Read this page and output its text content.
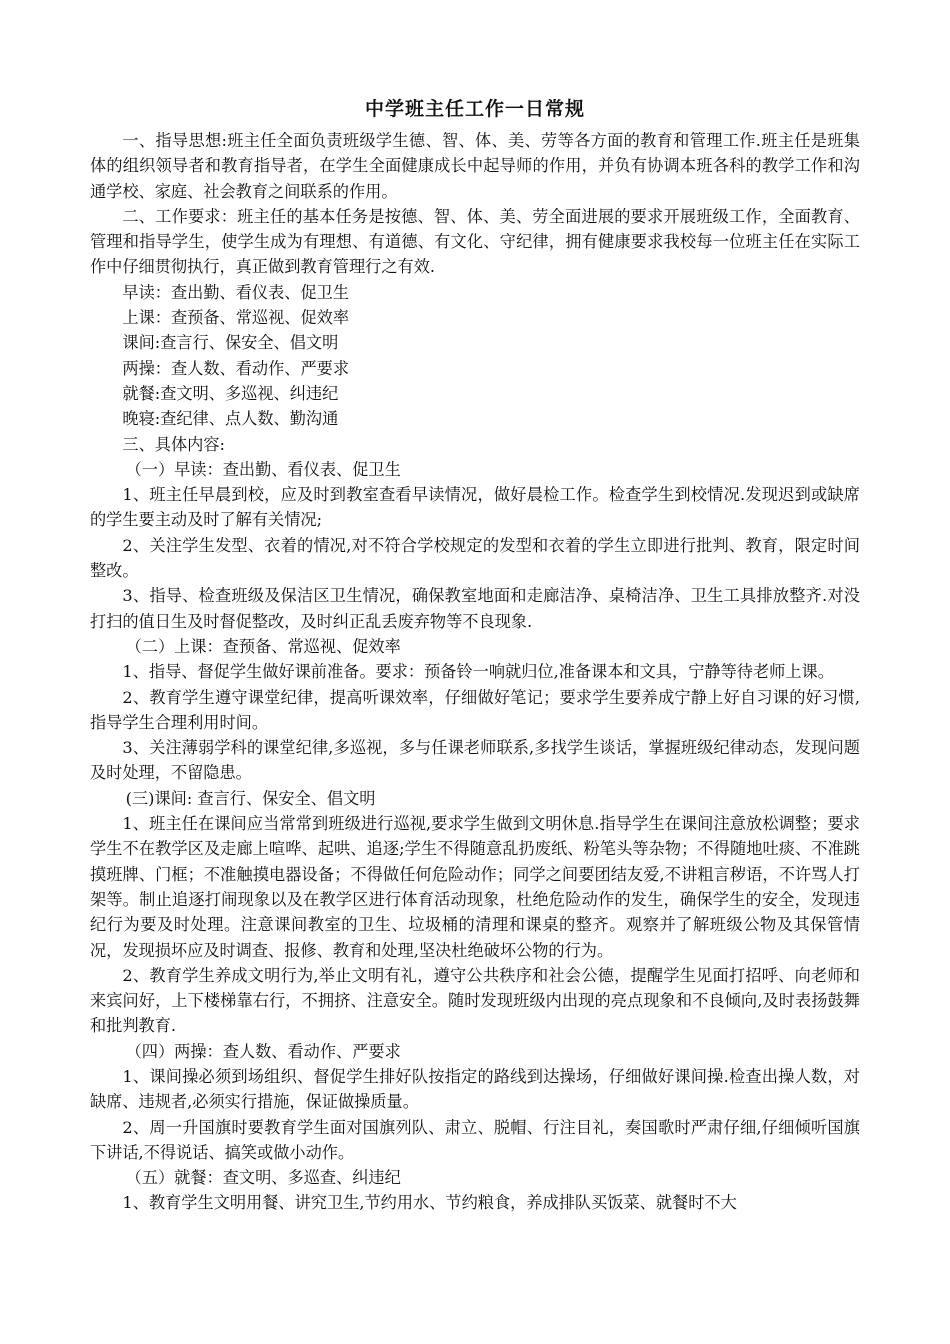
中学班主任工作一日常规

一、指导思想:班主任全面负责班级学生德、智、体、美、劳等各方面的教育和管理工作.班主任是班集体的组织领导者和教育指导者，在学生全面健康成长中起导师的作用，并负有协调本班各科的教学工作和沟通学校、家庭、社会教育之间联系的作用。

二、工作要求：班主任的基本任务是按德、智、体、美、劳全面进展的要求开展班级工作，全面教育、管理和指导学生，使学生成为有理想、有道德、有文化、守纪律，拥有健康要求我校每一位班主任在实际工作中仔细贯彻执行，真正做到教育管理行之有效.

早读：查出勤、看仪表、促卫生

上课：查预备、常巡视、促效率

课间:查言行、保安全、倡文明

两操：查人数、看动作、严要求

就餐:查文明、多巡视、纠违纪

晚寝:查纪律、点人数、勤沟通

三、具体内容:

（一）早读：查出勤、看仪表、促卫生

1、班主任早晨到校，应及时到教室查看早读情况，做好晨检工作。检查学生到校情况.发现迟到或缺席的学生要主动及时了解有关情况;

2、关注学生发型、衣着的情况,对不符合学校规定的发型和衣着的学生立即进行批判、教育，限定时间整改。

3、指导、检查班级及保洁区卫生情况，确保教室地面和走廊洁净、桌椅洁净、卫生工具排放整齐.对没打扫的值日生及时督促整改，及时纠正乱丢废弃物等不良现象.

（二）上课：查预备、常巡视、促效率

1、指导、督促学生做好课前准备。要求：预备铃一响就归位,准备课本和文具，宁静等待老师上课。

2、教育学生遵守课堂纪律，提高听课效率，仔细做好笔记；要求学生要养成宁静上好自习课的好习惯,指导学生合理利用时间。

3、关注薄弱学科的课堂纪律,多巡视，多与任课老师联系,多找学生谈话，掌握班级纪律动态，发现问题及时处理，不留隐患。

(三)课间: 查言行、保安全、倡文明

1、班主任在课间应当常常到班级进行巡视,要求学生做到文明休息.指导学生在课间注意放松调整；要求学生不在教学区及走廊上喧哗、起哄、追逐;学生不得随意乱扔废纸、粉笔头等杂物；不得随地吐痰、不准跳摸班牌、门框；不准触摸电器设备；不得做任何危险动作；同学之间要团结友爱,不讲粗言秽语，不许骂人打架等。制止追逐打闹现象以及在教学区进行体育活动现象，杜绝危险动作的发生，确保学生的安全，发现违纪行为要及时处理。注意课间教室的卫生、垃圾桶的清理和课桌的整齐。观察并了解班级公物及其保管情况，发现损坏应及时调查、报修、教育和处理,坚决杜绝破坏公物的行为。

2、教育学生养成文明行为,举止文明有礼，遵守公共秩序和社会公德，提醒学生见面打招呼、向老师和来宾问好，上下楼梯靠右行，不拥挤、注意安全。随时发现班级内出现的亮点现象和不良倾向,及时表扬鼓舞和批判教育.

（四）两操：查人数、看动作、严要求

1、课间操必须到场组织、督促学生排好队按指定的路线到达操场，仔细做好课间操.检查出操人数，对缺席、违规者,必须实行措施，保证做操质量。

2、周一升国旗时要教育学生面对国旗列队、肃立、脱帽、行注目礼，奏国歌时严肃仔细,仔细倾听国旗下讲话,不得说话、搞笑或做小动作。

（五）就餐：查文明、多巡查、纠违纪

1、教育学生文明用餐、讲究卫生,节约用水、节约粮食，养成排队买饭菜、就餐时不大
